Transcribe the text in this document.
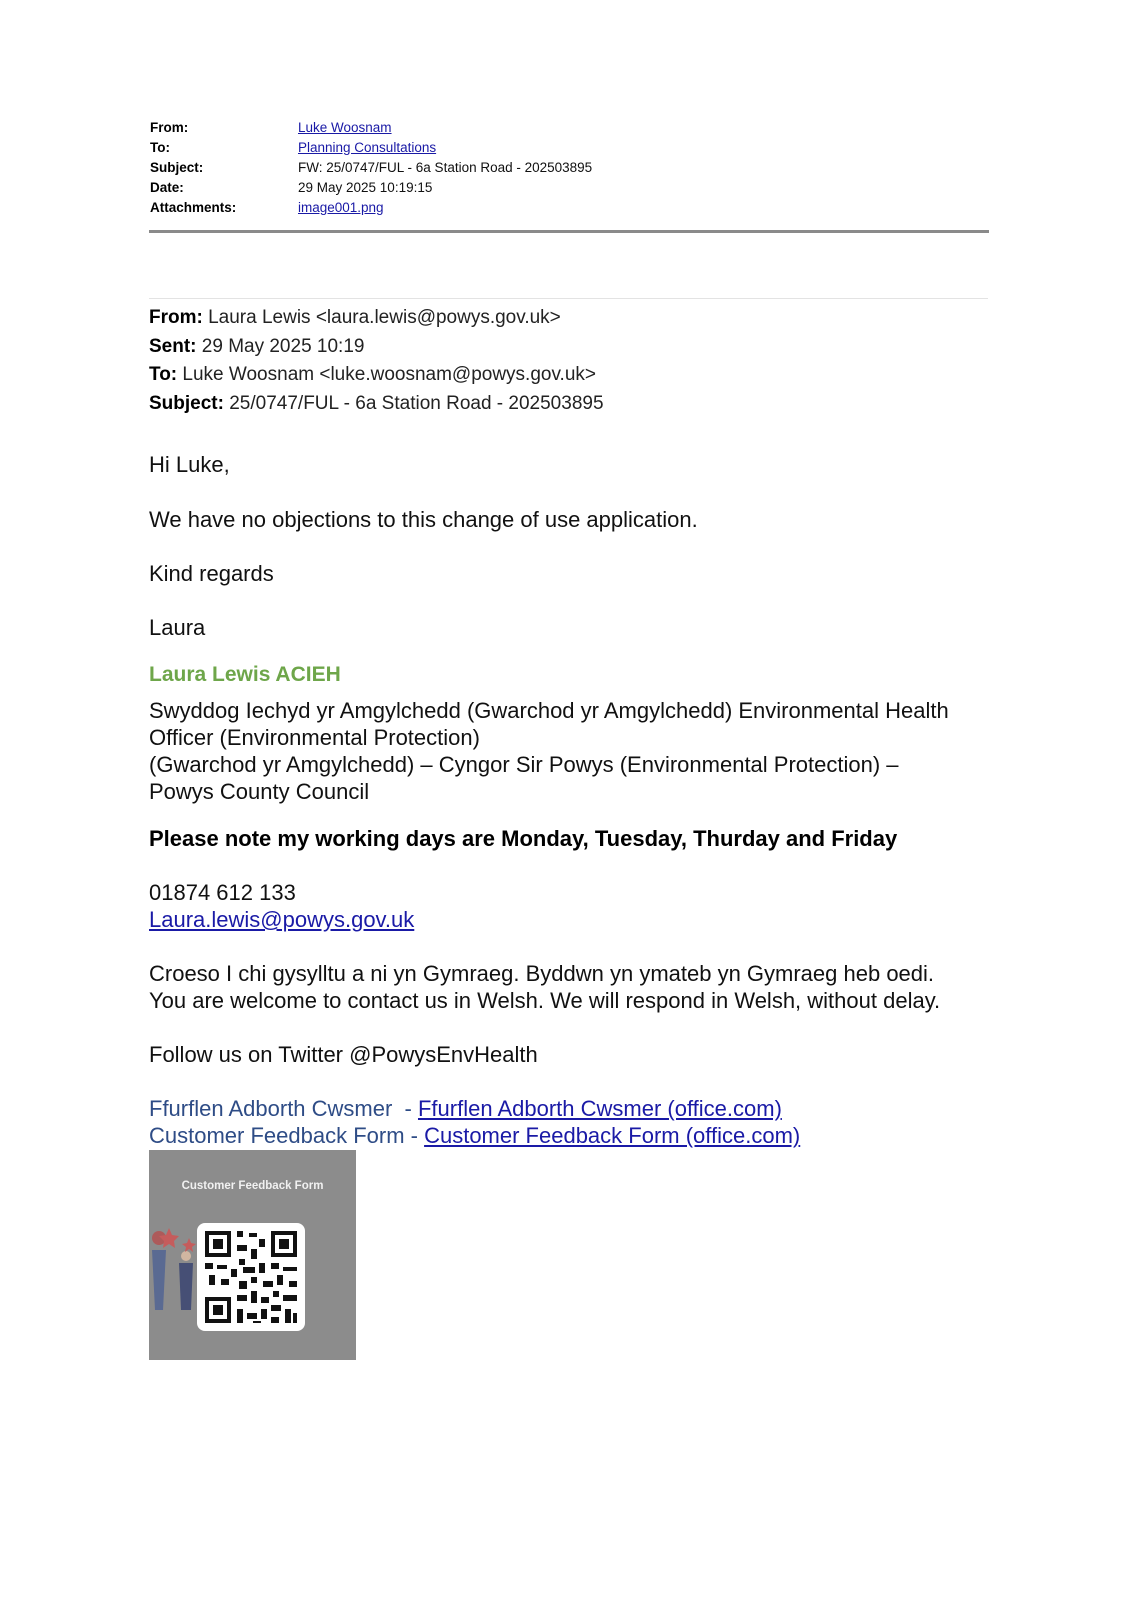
From:	Luke Woosnam
To:	Planning Consultations
Subject:	FW: 25/0747/FUL - 6a Station Road - 202503895
Date:	29 May 2025 10:19:15
Attachments:	image001.png
From: Laura Lewis <laura.lewis@powys.gov.uk>
Sent: 29 May 2025 10:19
To: Luke Woosnam <luke.woosnam@powys.gov.uk>
Subject: 25/0747/FUL - 6a Station Road - 202503895
Hi Luke,
We have no objections to this change of use application.
Kind regards
Laura
Laura Lewis ACIEH
Swyddog Iechyd yr Amgylchedd (Gwarchod yr Amgylchedd) Environmental Health
Officer (Environmental Protection)
(Gwarchod yr Amgylchedd) – Cyngor Sir Powys (Environmental Protection) –
Powys County Council
Please note my working days are Monday, Tuesday, Thurday and Friday
01874 612 133
Laura.lewis@powys.gov.uk
Croeso I chi gysylltu a ni yn Gymraeg. Byddwn yn ymateb yn Gymraeg heb oedi.
You are welcome to contact us in Welsh. We will respond in Welsh, without delay.
Follow us on Twitter @PowysEnvHealth
Ffurflen Adborth Cwsmer  - Ffurflen Adborth Cwsmer (office.com)
Customer Feedback Form - Customer Feedback Form (office.com)
Customer Feedback Form
